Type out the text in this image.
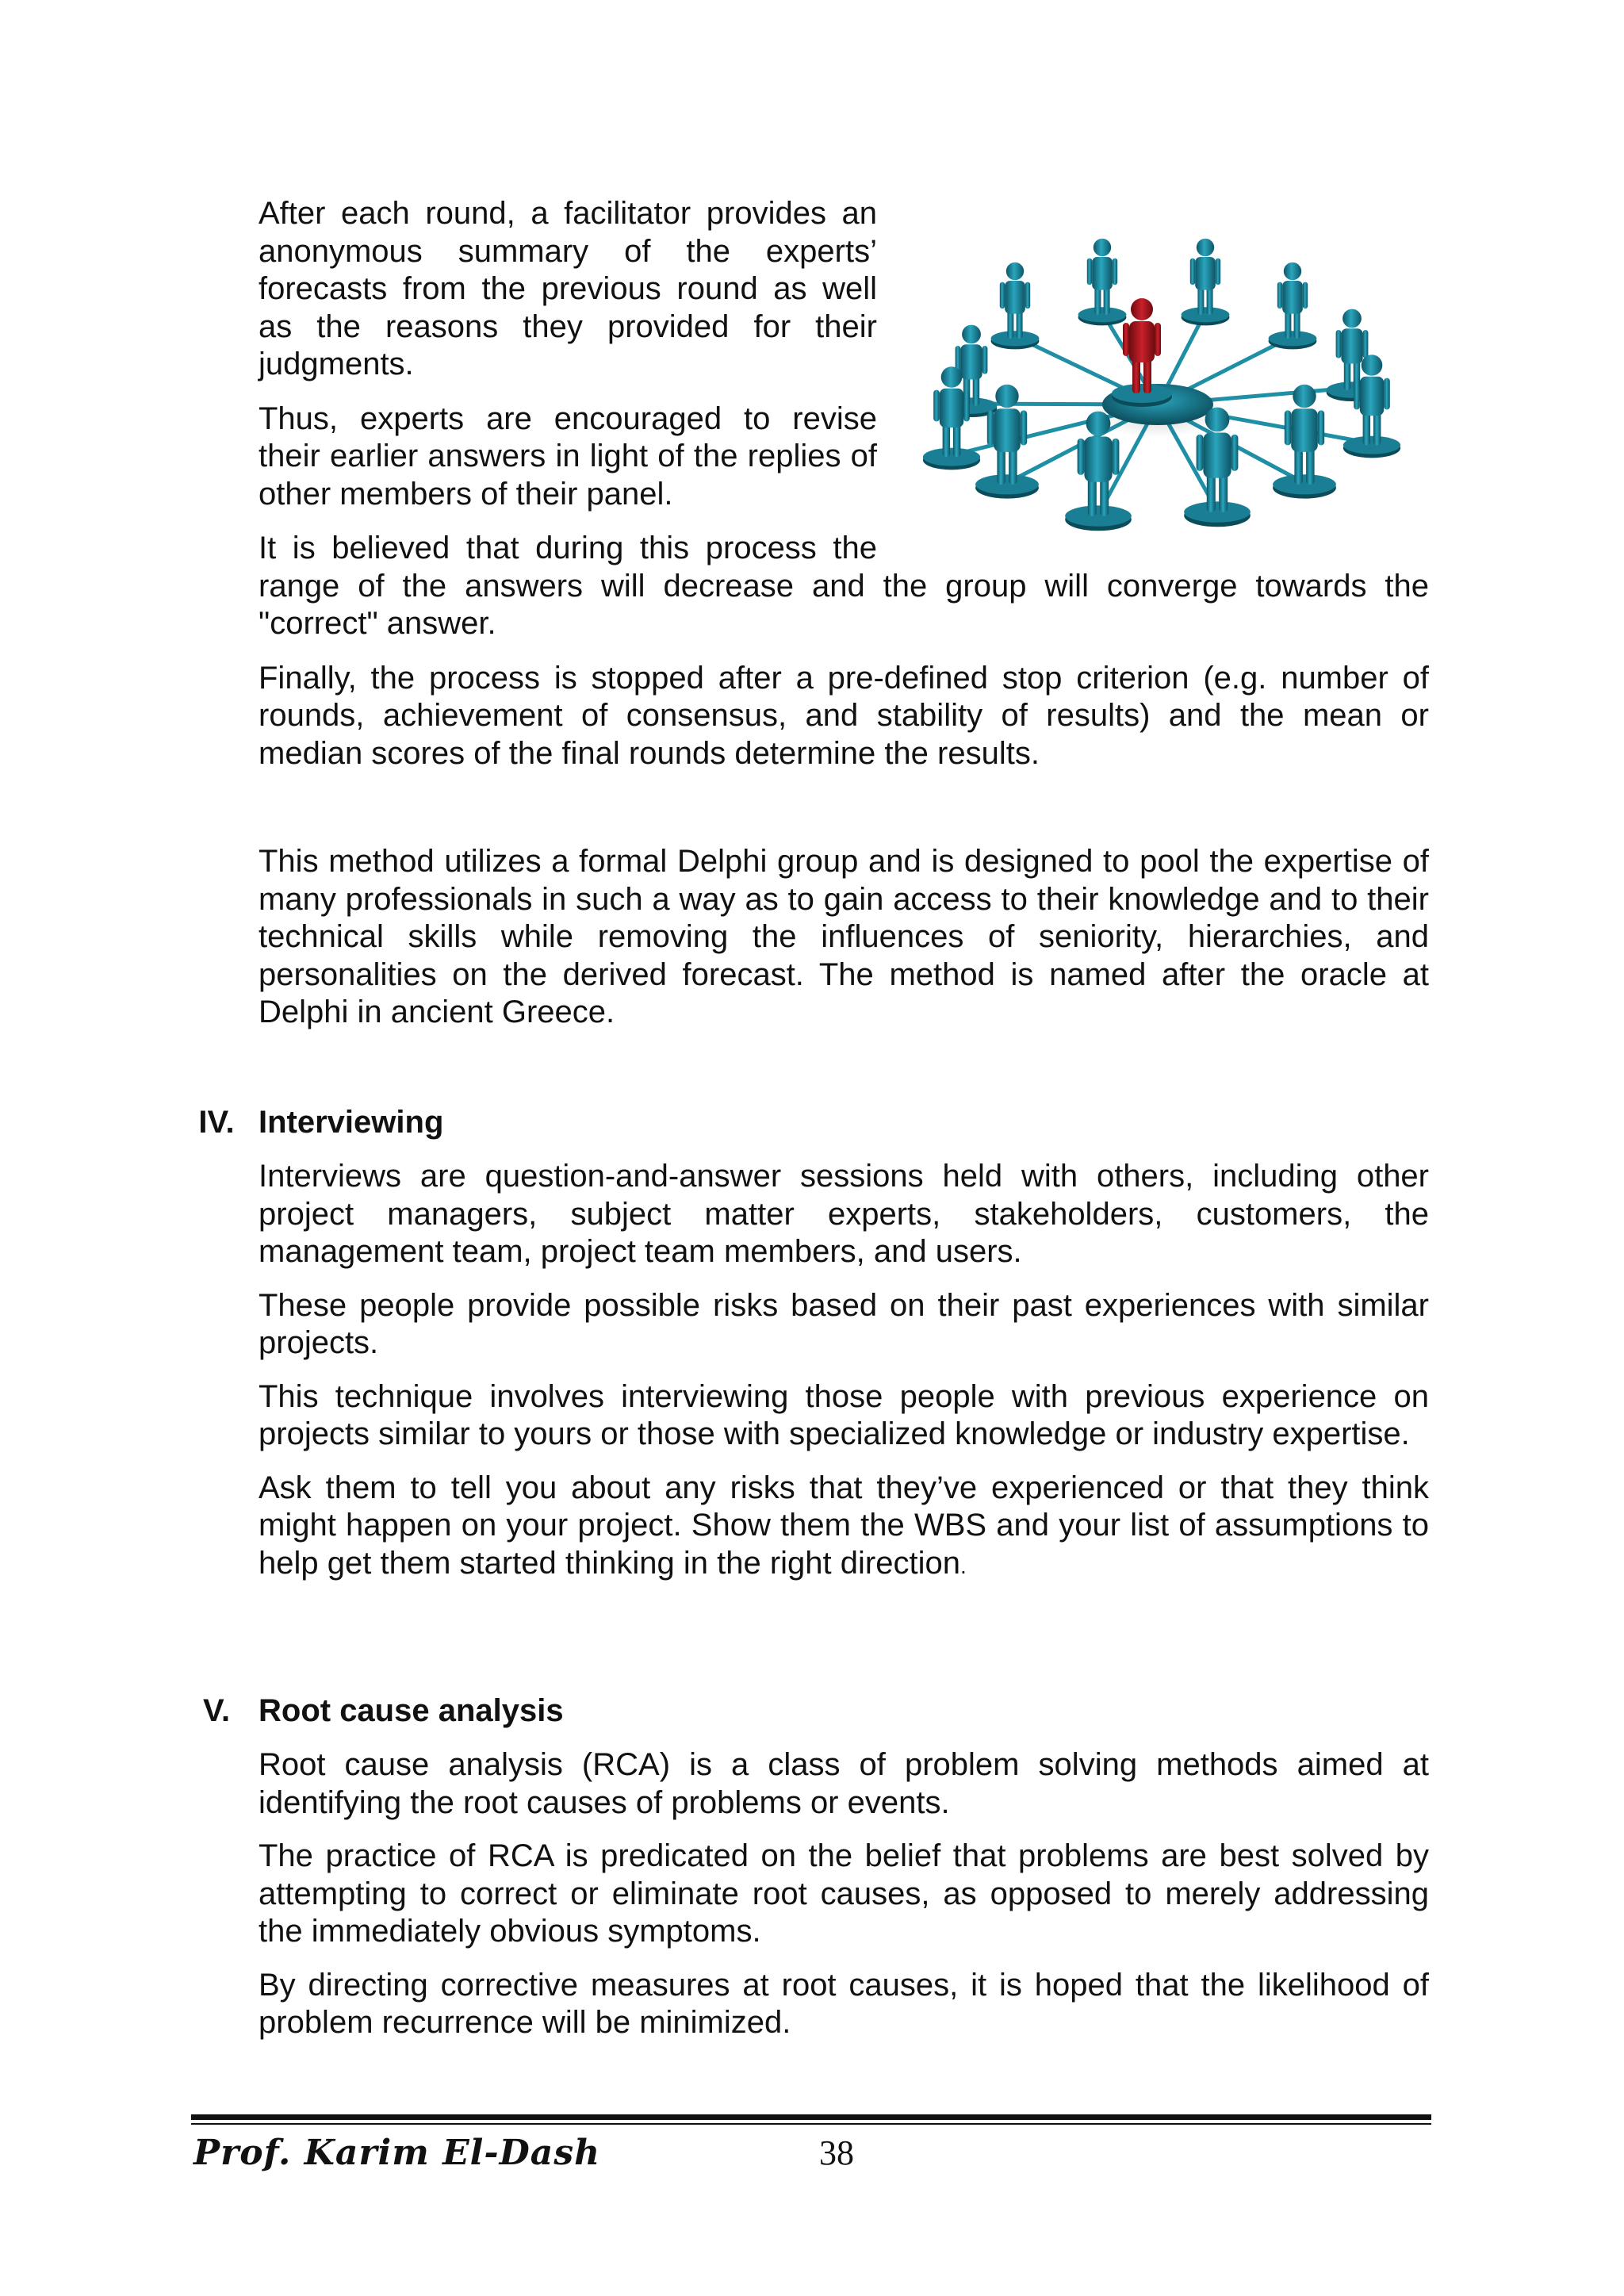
After each round, a facilitator provides an anonymous summary of the experts’ forecasts from the previous round as well as the reasons they provided for their judgments.

Thus, experts are encouraged to revise their earlier answers in light of the replies of other members of their panel.

It is believed that during this process the

range of the answers will decrease and the group will converge towards the "correct" answer.

Finally, the process is stopped after a pre-defined stop criterion (e.g. number of rounds, achievement of consensus, and stability of results) and the mean or median scores of the final rounds determine the results.

This method utilizes a formal Delphi group and is designed to pool the expertise of many professionals in such a way as to gain access to their knowledge and to their technical skills while removing the influences of seniority, hierarchies, and personalities on the derived forecast. The method is named after the oracle at Delphi in ancient Greece.

IV. Interviewing

Interviews are question-and-answer sessions held with others, including other project managers, subject matter experts, stakeholders, customers, the management team, project team members, and users.

These people provide possible risks based on their past experiences with similar projects.

This technique involves interviewing those people with previous experience on projects similar to yours or those with specialized knowledge or industry expertise.

Ask them to tell you about any risks that they’ve experienced or that they think might happen on your project. Show them the WBS and your list of assumptions to help get them started thinking in the right direction.

V. Root cause analysis

Root cause analysis (RCA) is a class of problem solving methods aimed at identifying the root causes of problems or events.

The practice of RCA is predicated on the belief that problems are best solved by attempting to correct or eliminate root causes, as opposed to merely addressing the immediately obvious symptoms.

By directing corrective measures at root causes, it is hoped that the likelihood of problem recurrence will be minimized.

Prof. Karim El-Dash	38
